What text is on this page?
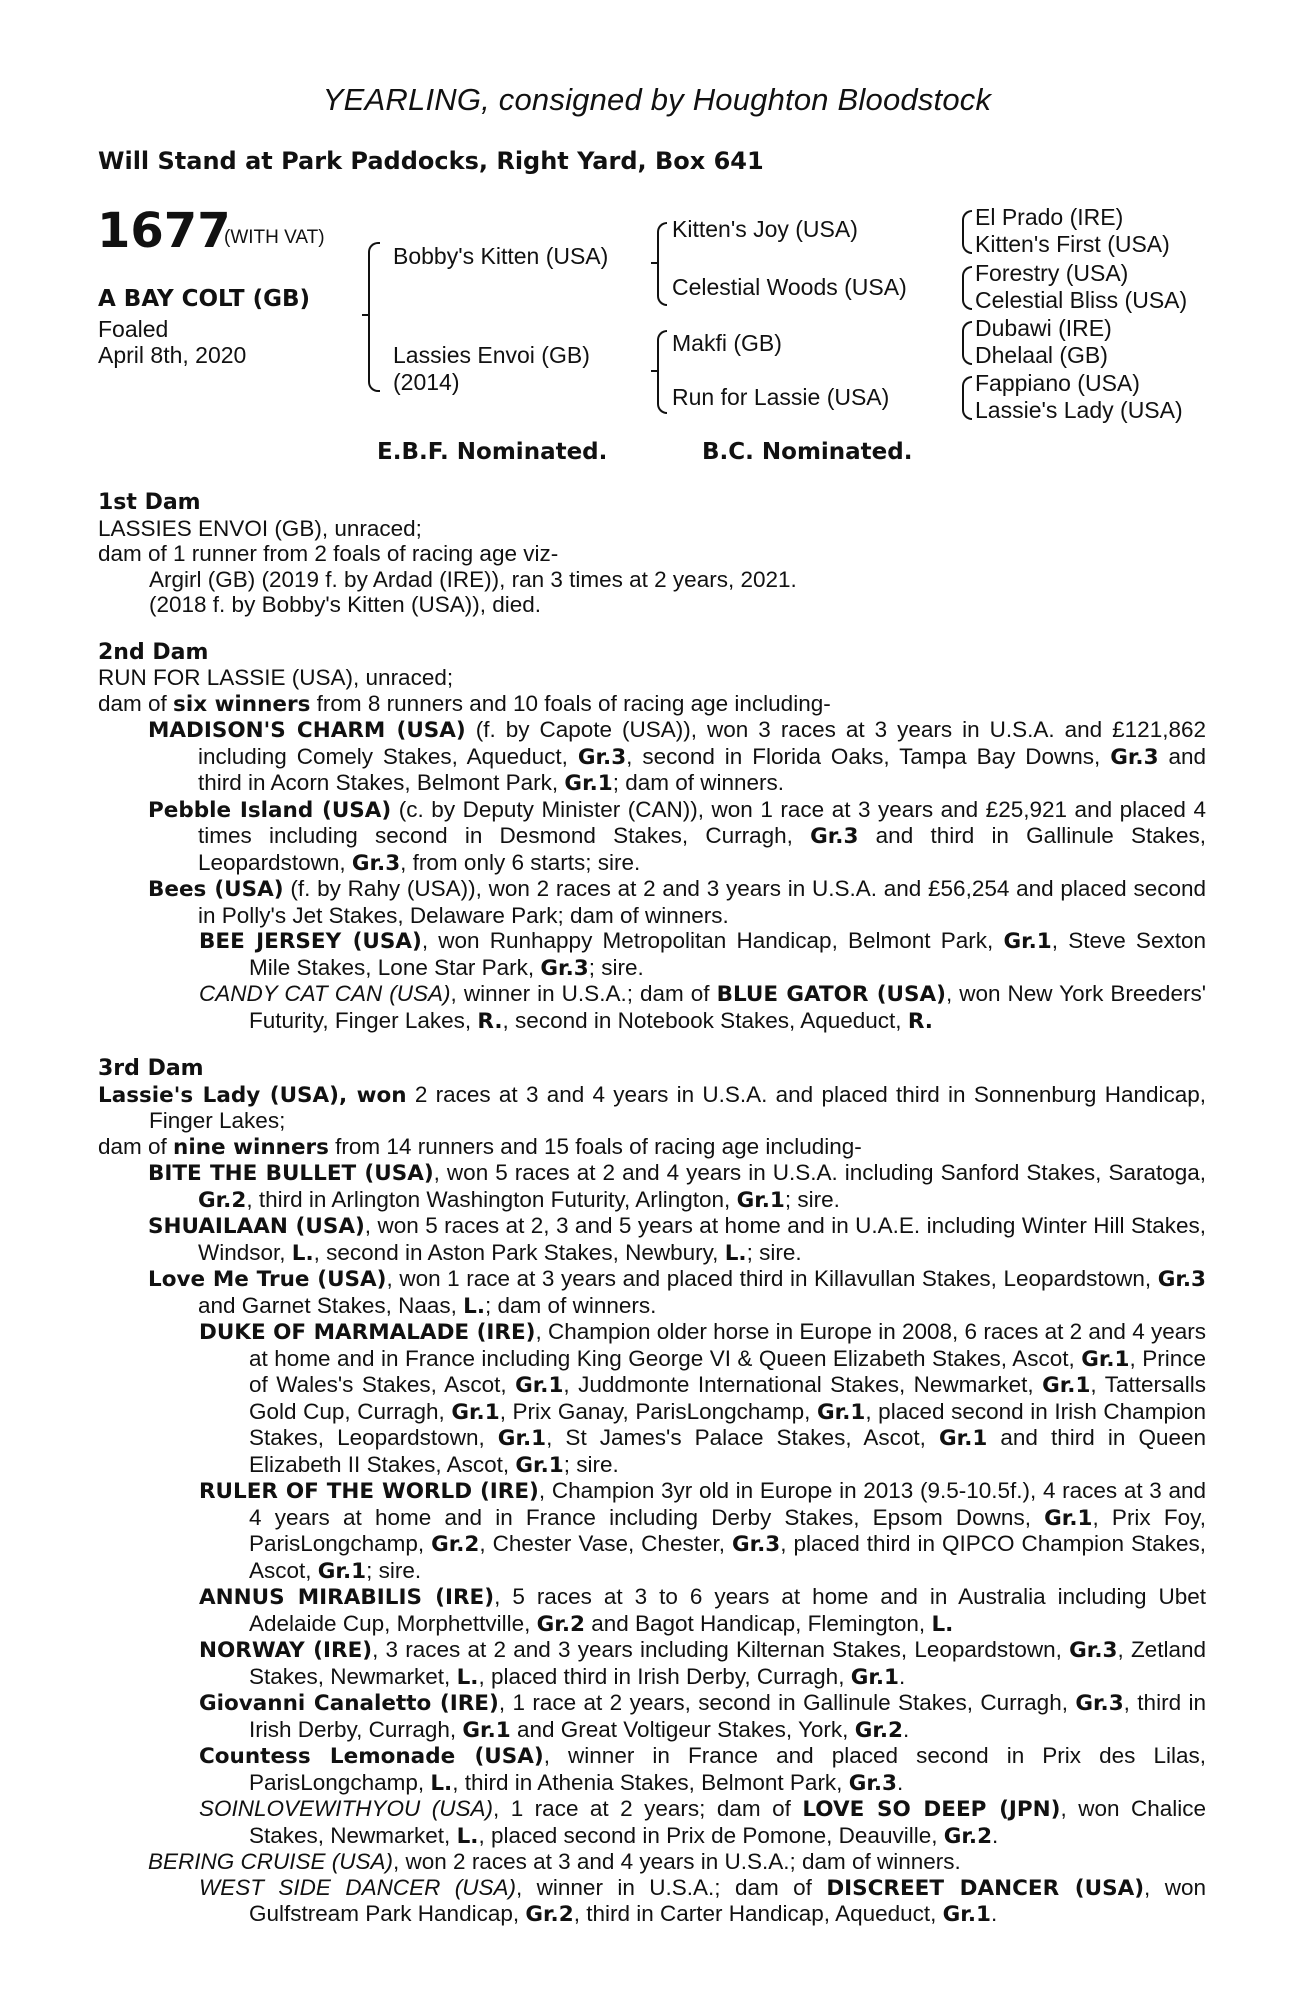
YEARLING, consigned by Houghton Bloodstock
Will Stand at Park Paddocks, Right Yard, Box 641
1677
(WITH VAT)
A BAY COLT (GB)
Foaled
April 8th, 2020
Bobby's Kitten (USA)
Lassies Envoi (GB)
(2014)
Kitten's Joy (USA)
Celestial Woods (USA)
Makfi (GB)
Run for Lassie (USA)
El Prado (IRE)
Kitten's First (USA)
Forestry (USA)
Celestial Bliss (USA)
Dubawi (IRE)
Dhelaal (GB)
Fappiano (USA)
Lassie's Lady (USA)
E.B.F. Nominated.	B.C. Nominated.
1st Dam
LASSIES ENVOI (GB), unraced;
dam of 1 runner from 2 foals of racing age viz-
Argirl (GB) (2019 f. by Ardad (IRE)), ran 3 times at 2 years, 2021.
(2018 f. by Bobby's Kitten (USA)), died.
2nd Dam
RUN FOR LASSIE (USA), unraced;
dam of six winners from 8 runners and 10 foals of racing age including-
MADISON'S CHARM (USA) (f. by Capote (USA)), won 3 races at 3 years in U.S.A. and £121,862 including Comely Stakes, Aqueduct, Gr.3, second in Florida Oaks, Tampa Bay Downs, Gr.3 and third in Acorn Stakes, Belmont Park, Gr.1; dam of winners.
Pebble Island (USA) (c. by Deputy Minister (CAN)), won 1 race at 3 years and £25,921 and placed 4 times including second in Desmond Stakes, Curragh, Gr.3 and third in Gallinule Stakes, Leopardstown, Gr.3, from only 6 starts; sire.
Bees (USA) (f. by Rahy (USA)), won 2 races at 2 and 3 years in U.S.A. and £56,254 and placed second in Polly's Jet Stakes, Delaware Park; dam of winners.
BEE JERSEY (USA), won Runhappy Metropolitan Handicap, Belmont Park, Gr.1, Steve Sexton Mile Stakes, Lone Star Park, Gr.3; sire.
CANDY CAT CAN (USA), winner in U.S.A.; dam of BLUE GATOR (USA), won New York Breeders' Futurity, Finger Lakes, R., second in Notebook Stakes, Aqueduct, R.
3rd Dam
Lassie's Lady (USA), won 2 races at 3 and 4 years in U.S.A. and placed third in Sonnenburg Handicap, Finger Lakes;
dam of nine winners from 14 runners and 15 foals of racing age including-
BITE THE BULLET (USA), won 5 races at 2 and 4 years in U.S.A. including Sanford Stakes, Saratoga, Gr.2, third in Arlington Washington Futurity, Arlington, Gr.1; sire.
SHUAILAAN (USA), won 5 races at 2, 3 and 5 years at home and in U.A.E. including Winter Hill Stakes, Windsor, L., second in Aston Park Stakes, Newbury, L.; sire.
Love Me True (USA), won 1 race at 3 years and placed third in Killavullan Stakes, Leopardstown, Gr.3 and Garnet Stakes, Naas, L.; dam of winners.
DUKE OF MARMALADE (IRE), Champion older horse in Europe in 2008, 6 races at 2 and 4 years at home and in France including King George VI & Queen Elizabeth Stakes, Ascot, Gr.1, Prince of Wales's Stakes, Ascot, Gr.1, Juddmonte International Stakes, Newmarket, Gr.1, Tattersalls Gold Cup, Curragh, Gr.1, Prix Ganay, ParisLongchamp, Gr.1, placed second in Irish Champion Stakes, Leopardstown, Gr.1, St James's Palace Stakes, Ascot, Gr.1 and third in Queen Elizabeth II Stakes, Ascot, Gr.1; sire.
RULER OF THE WORLD (IRE), Champion 3yr old in Europe in 2013 (9.5-10.5f.), 4 races at 3 and 4 years at home and in France including Derby Stakes, Epsom Downs, Gr.1, Prix Foy, ParisLongchamp, Gr.2, Chester Vase, Chester, Gr.3, placed third in QIPCO Champion Stakes, Ascot, Gr.1; sire.
ANNUS MIRABILIS (IRE), 5 races at 3 to 6 years at home and in Australia including Ubet Adelaide Cup, Morphettville, Gr.2 and Bagot Handicap, Flemington, L.
NORWAY (IRE), 3 races at 2 and 3 years including Kilternan Stakes, Leopardstown, Gr.3, Zetland Stakes, Newmarket, L., placed third in Irish Derby, Curragh, Gr.1.
Giovanni Canaletto (IRE), 1 race at 2 years, second in Gallinule Stakes, Curragh, Gr.3, third in Irish Derby, Curragh, Gr.1 and Great Voltigeur Stakes, York, Gr.2.
Countess Lemonade (USA), winner in France and placed second in Prix des Lilas, ParisLongchamp, L., third in Athenia Stakes, Belmont Park, Gr.3.
SOINLOVEWITHYOU (USA), 1 race at 2 years; dam of LOVE SO DEEP (JPN), won Chalice Stakes, Newmarket, L., placed second in Prix de Pomone, Deauville, Gr.2.
BERING CRUISE (USA), won 2 races at 3 and 4 years in U.S.A.; dam of winners.
WEST SIDE DANCER (USA), winner in U.S.A.; dam of DISCREET DANCER (USA), won Gulfstream Park Handicap, Gr.2, third in Carter Handicap, Aqueduct, Gr.1.
